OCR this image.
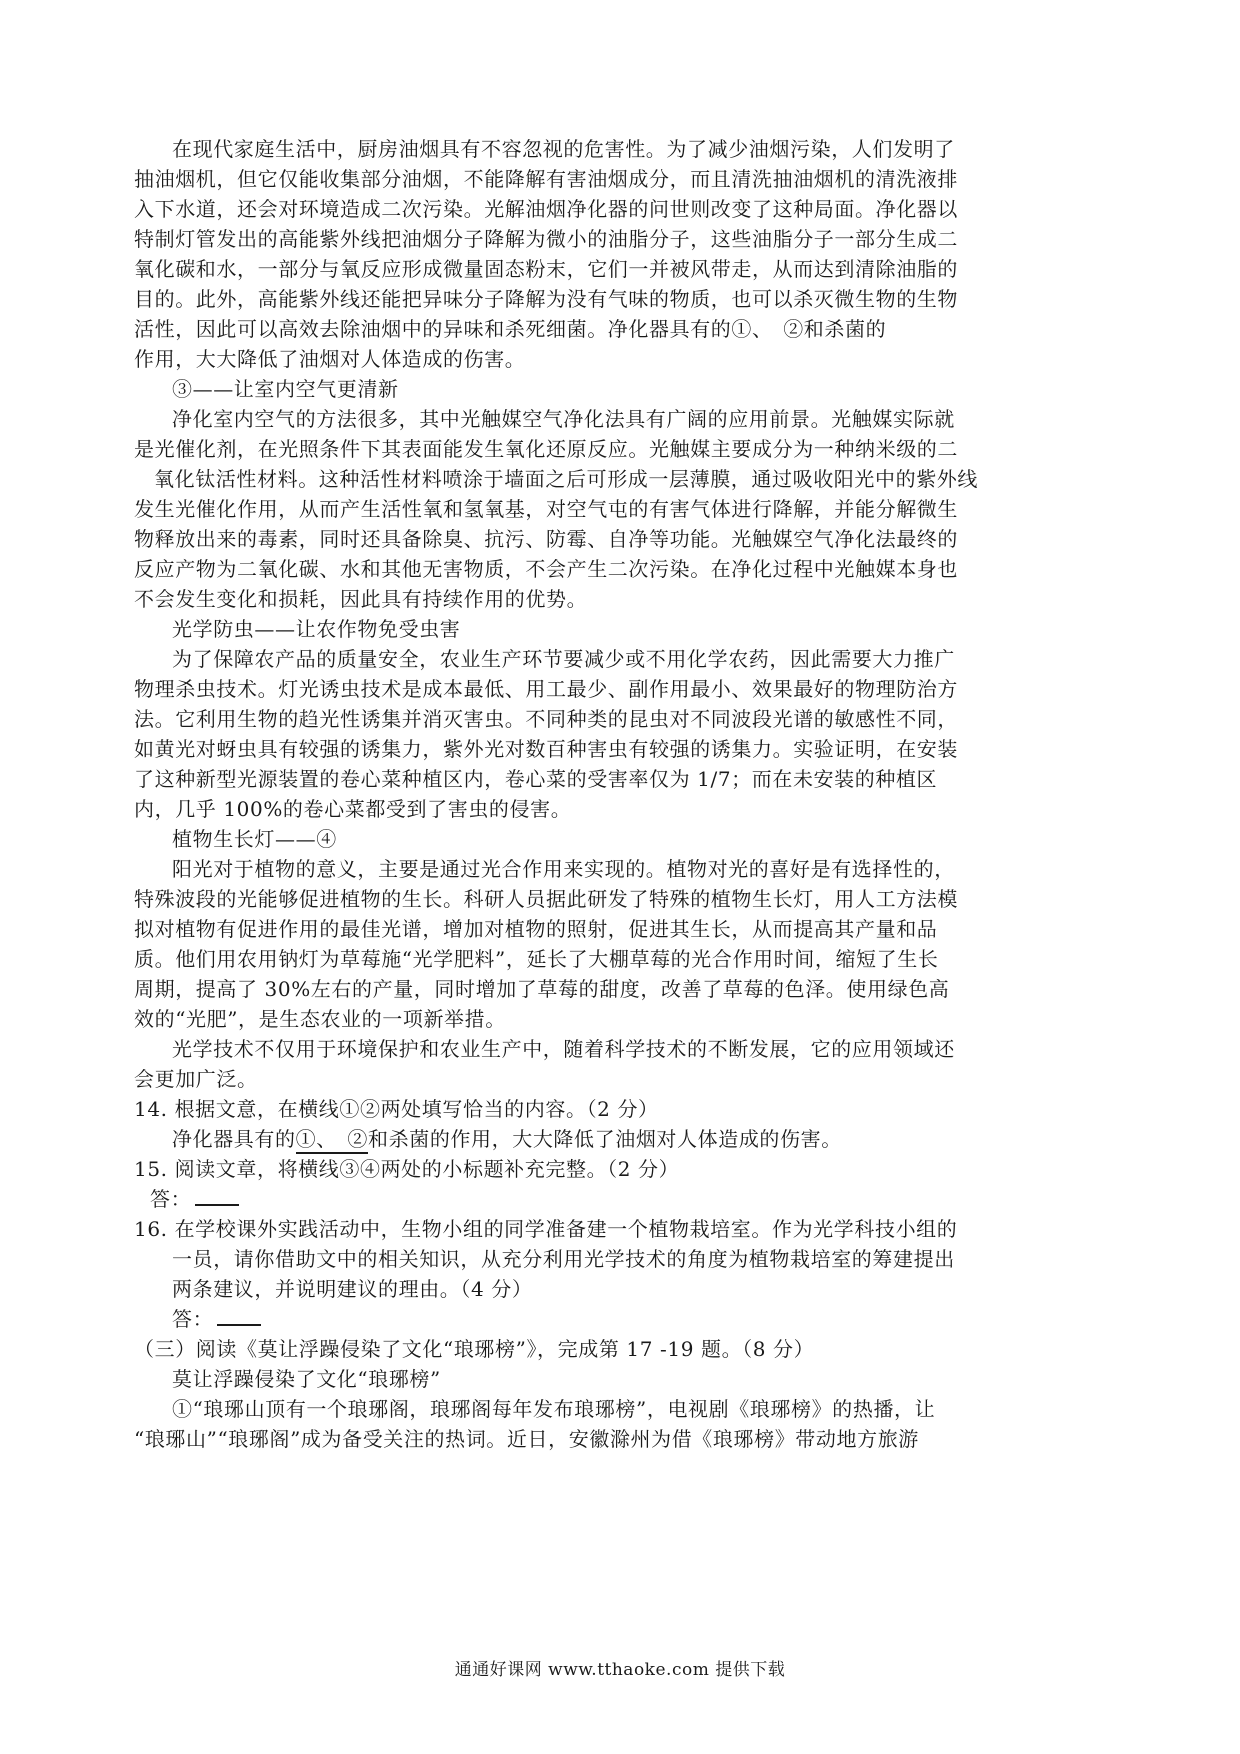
在现代家庭生活中，厨房油烟具有不容忽视的危害性。为了减少油烟污染，人们发明了
抽油烟机，但它仅能收集部分油烟，不能降解有害油烟成分，而且清洗抽油烟机的清洗液排
入下水道，还会对环境造成二次污染。光解油烟净化器的问世则改变了这种局面。净化器以
特制灯管发出的高能紫外线把油烟分子降解为微小的油脂分子，这些油脂分子一部分生成二
氧化碳和水，一部分与氧反应形成微量固态粉末，它们一并被风带走，从而达到清除油脂的
目的。此外，高能紫外线还能把异味分子降解为没有气味的物质，也可以杀灭微生物的生物
活性，因此可以高效去除油烟中的异味和杀死细菌。净化器具有的①、　②和杀菌的
作用，大大降低了油烟对人体造成的伤害。
③——让室内空气更清新
净化室内空气的方法很多，其中光触媒空气净化法具有广阔的应用前景。光触媒实际就
是光催化剂，在光照条件下其表面能发生氧化还原反应。光触媒主要成分为一种纳米级的二
氧化钛活性材料。这种活性材料喷涂于墙面之后可形成一层薄膜，通过吸收阳光中的紫外线
发生光催化作用，从而产生活性氧和氢氧基，对空气屯的有害气体进行降解，并能分解微生
物释放出来的毒素，同时还具备除臭、抗污、防霉、自净等功能。光触媒空气净化法最终的
反应产物为二氧化碳、水和其他无害物质，不会产生二次污染。在净化过程中光触媒本身也
不会发生变化和损耗，因此具有持续作用的优势。
光学防虫——让农作物免受虫害
为了保障农产品的质量安全，农业生产环节要减少或不用化学农药，因此需要大力推广
物理杀虫技术。灯光诱虫技术是成本最低、用工最少、副作用最小、效果最好的物理防治方
法。它利用生物的趋光性诱集并消灭害虫。不同种类的昆虫对不同波段光谱的敏感性不同，
如黄光对蚜虫具有较强的诱集力，紫外光对数百种害虫有较强的诱集力。实验证明，在安装
了这种新型光源装置的卷心菜种植区内，卷心菜的受害率仅为 1/7；而在未安装的种植区
内，几乎 100%的卷心菜都受到了害虫的侵害。
植物生长灯——④
阳光对于植物的意义，主要是通过光合作用来实现的。植物对光的喜好是有选择性的，
特殊波段的光能够促进植物的生长。科研人员据此研发了特殊的植物生长灯，用人工方法模
拟对植物有促进作用的最佳光谱，增加对植物的照射，促进其生长，从而提高其产量和品
质。他们用农用钠灯为草莓施“光学肥料”，延长了大棚草莓的光合作用时间，缩短了生长
周期，提高了 30%左右的产量，同时增加了草莓的甜度，改善了草莓的色泽。使用绿色高
效的“光肥”，是生态农业的一项新举措。
光学技术不仅用于环境保护和农业生产中，随着科学技术的不断发展，它的应用领域还
会更加广泛。
14. 根据文意，在横线①②两处填写恰当的内容。（2 分）
净化器具有的①、　②和杀菌的作用，大大降低了油烟对人体造成的伤害。
15. 阅读文章，将横线③④两处的小标题补充完整。（2 分）
答：
16. 在学校课外实践活动中，生物小组的同学准备建一个植物栽培室。作为光学科技小组的
一员，请你借助文中的相关知识，从充分利用光学技术的角度为植物栽培室的筹建提出
两条建议，并说明建议的理由。（4 分）
答：
（三）阅读《莫让浮躁侵染了文化“琅琊榜”》，完成第 17 -19 题。（8 分）
莫让浮躁侵染了文化“琅琊榜”
①“琅琊山顶有一个琅琊阁，琅琊阁每年发布琅琊榜”，电视剧《琅琊榜》的热播，让
“琅琊山”“琅琊阁”成为备受关注的热词。近日，安徽滁州为借《琅琊榜》带动地方旅游
通通好课网 www.tthaoke.com 提供下载
